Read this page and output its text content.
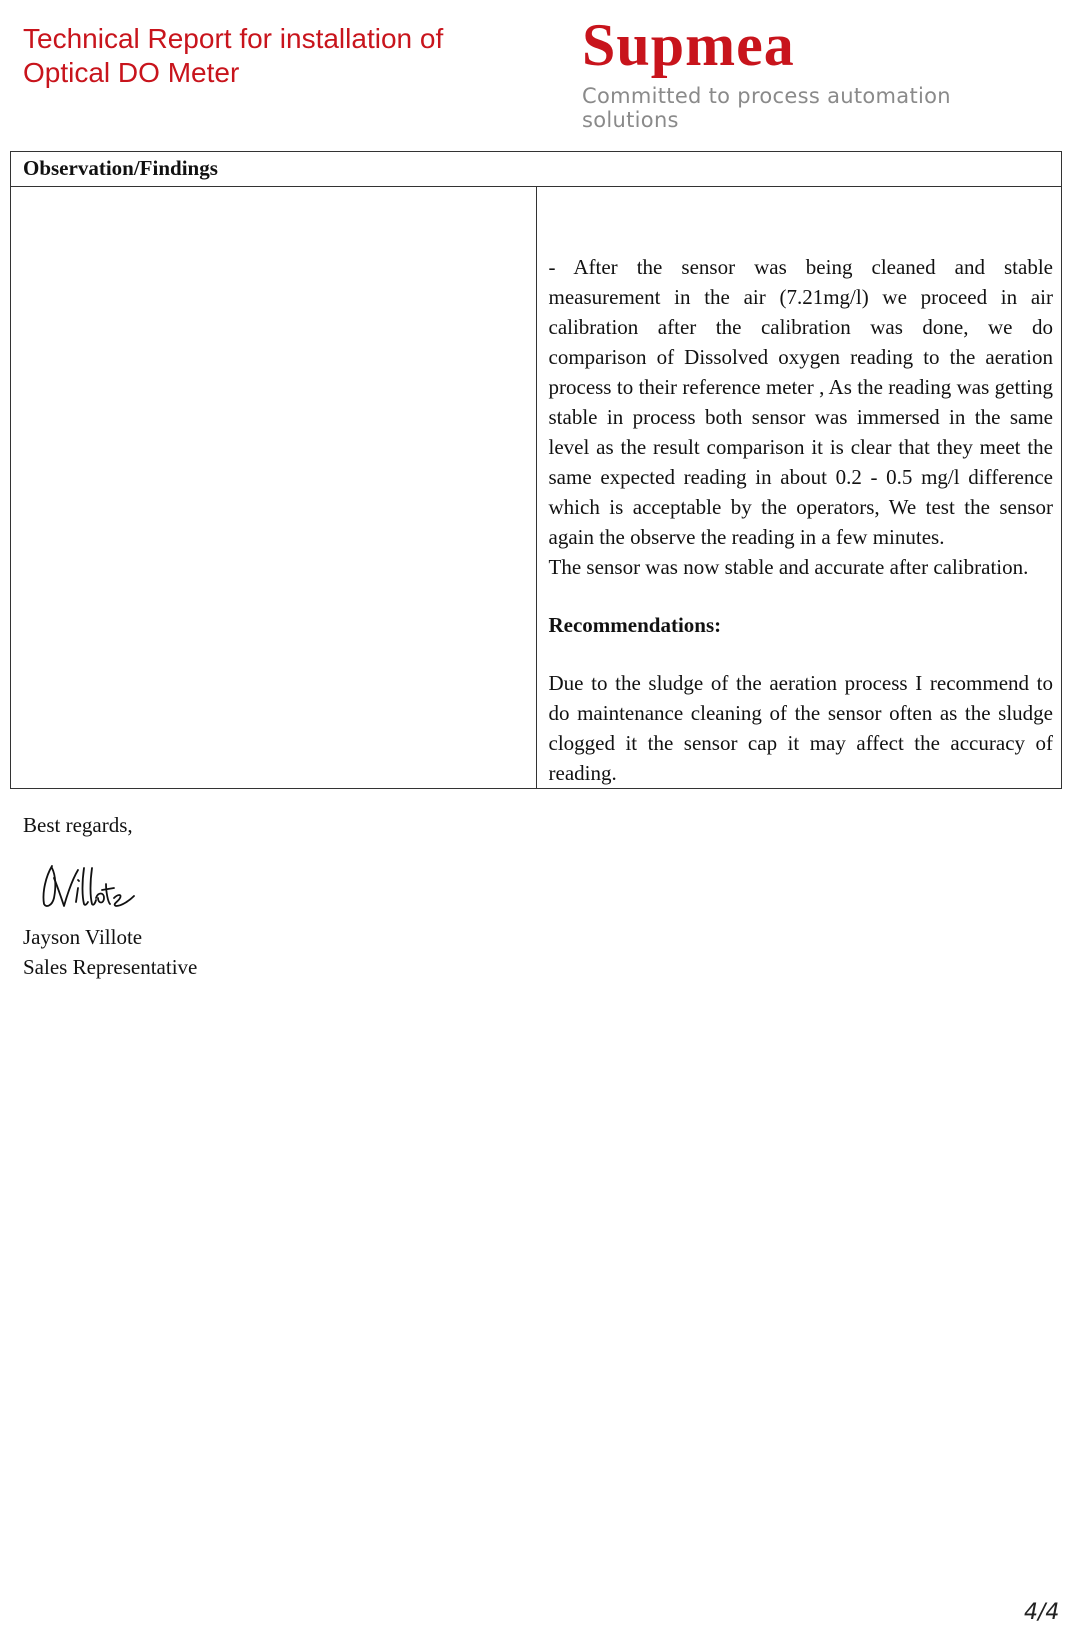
Technical Report for installation of
Optical DO Meter	Supmea
Committed to process automation solutions
Observation/Findings

- After the sensor was being cleaned and stable measurement in the air (7.21mg/l) we proceed in air calibration after the calibration was done, we do comparison of Dissolved oxygen reading to the aeration process to their reference meter , As the reading was getting stable in process both sensor was immersed in the same level as the result comparison it is clear that they meet the same expected reading in about 0.2 - 0.5 mg/l difference which is acceptable by the operators, We test the sensor again the observe the reading in a few minutes.

The sensor was now stable and accurate after calibration.

Recommendations:

Due to the sludge of the aeration process I recommend to do maintenance cleaning of the sensor often as the sludge clogged it the sensor cap it may affect the accuracy of reading.

Best regards,
Jayson Villote
Sales Representative
4/4
